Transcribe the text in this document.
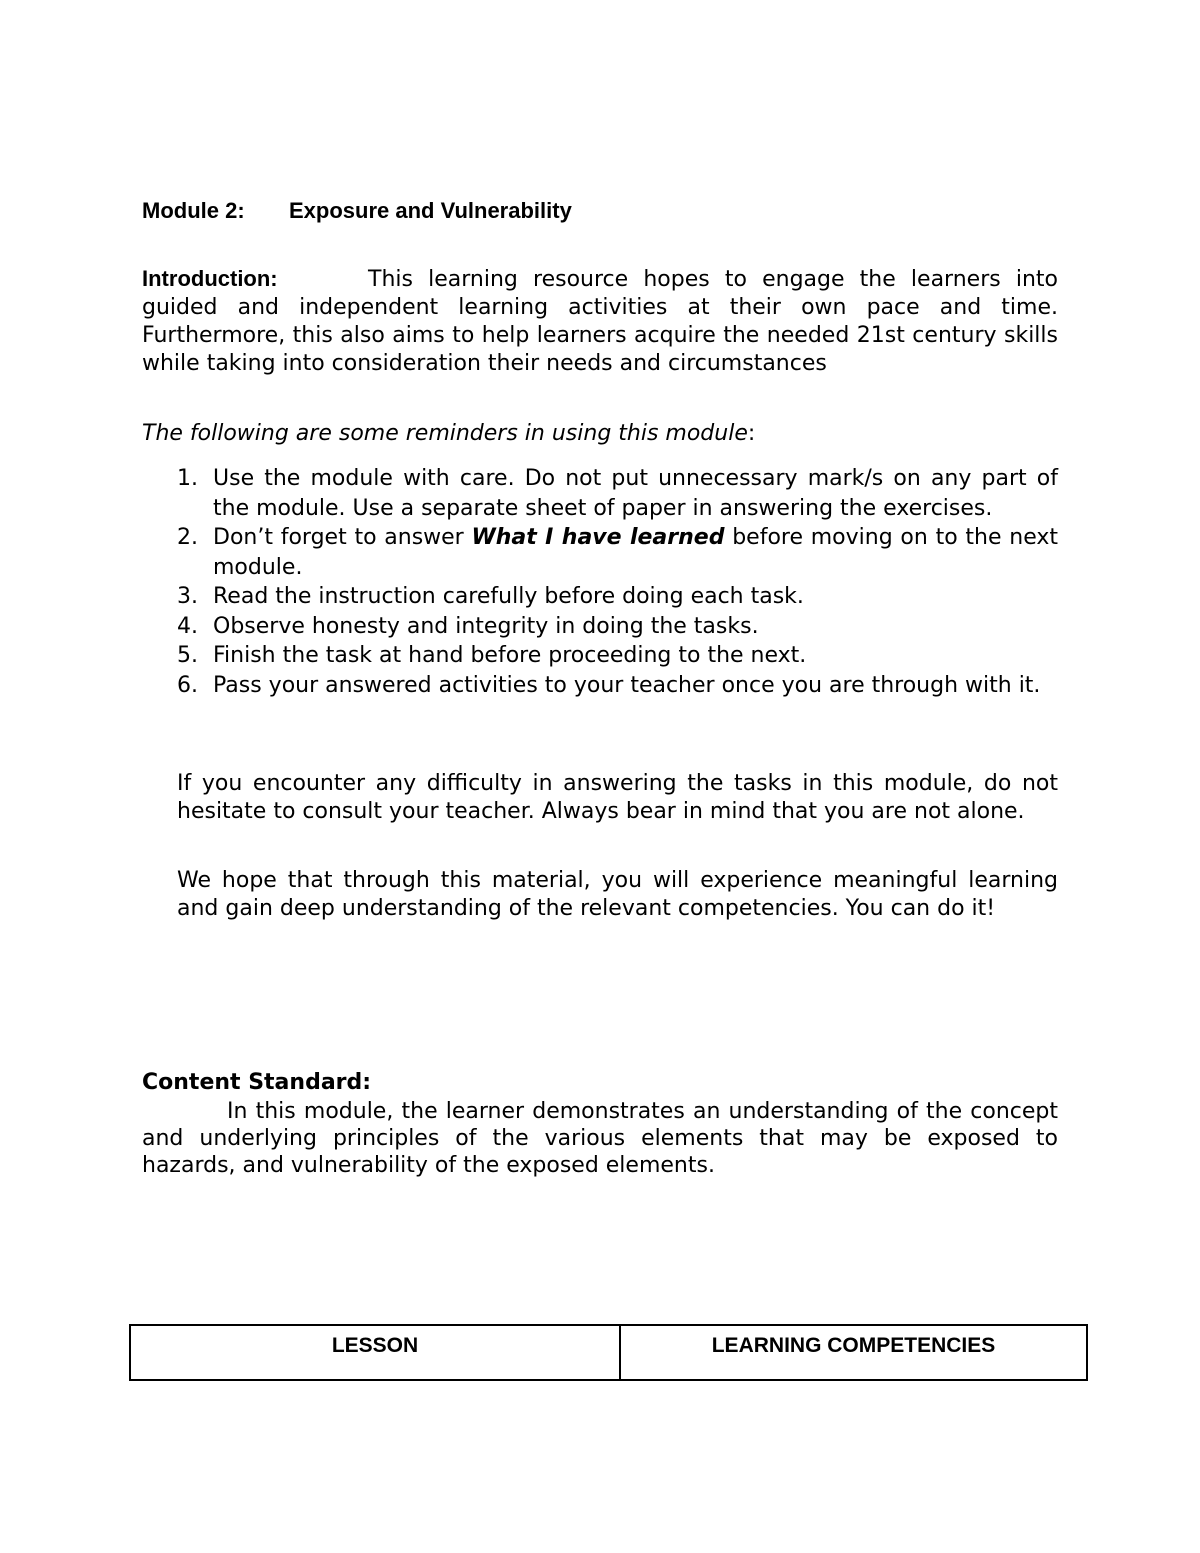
Module 2: Exposure and Vulnerability
Introduction:	This learning resource hopes to engage the learners into guided and independent learning activities at their own pace and time. Furthermore, this also aims to help learners acquire the needed 21st century skills while taking into consideration their needs and circumstances
The following are some reminders in using this module:
1. Use the module with care. Do not put unnecessary mark/s on any part of the module. Use a separate sheet of paper in answering the exercises.
2. Don’t forget to answer What I have learned before moving on to the next module.
3. Read the instruction carefully before doing each task.
4. Observe honesty and integrity in doing the tasks.
5. Finish the task at hand before proceeding to the next.
6. Pass your answered activities to your teacher once you are through with it.

If you encounter any difficulty in answering the tasks in this module, do not hesitate to consult your teacher. Always bear in mind that you are not alone.

We hope that through this material, you will experience meaningful learning and gain deep understanding of the relevant competencies. You can do it!

Content Standard:

In this module, the learner demonstrates an understanding of the concept and underlying principles of the various elements that may be exposed to hazards, and vulnerability of the exposed elements.

LESSON	LEARNING COMPETENCIES
